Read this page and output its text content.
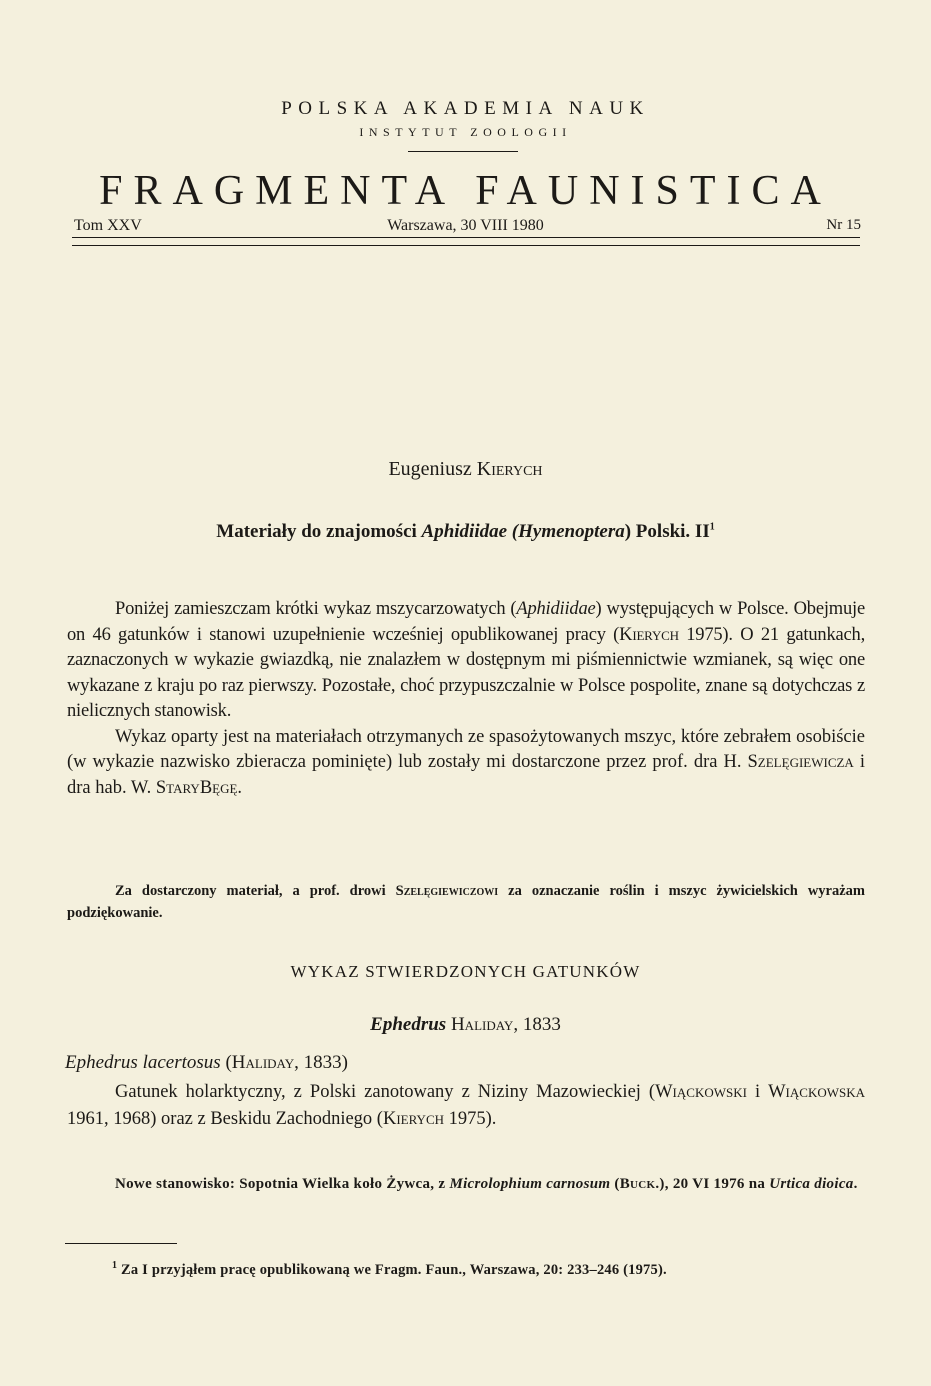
POLSKA AKADEMIA NAUK
INSTYTUT ZOOLOGII
FRAGMENTA FAUNISTICA
Tom XXV	Warszawa, 30 VIII 1980	Nr 15
Eugeniusz Kierych
Materiały do znajomości Aphidiidae (Hymenoptera) Polski. $II^1$

Poniżej zamieszczam krótki wykaz mszycarzowatych (Aphidiidae) występujących w Polsce. Obejmuje on 46 gatunków i stanowi uzupełnienie wcześniej opublikowanej pracy (Kierych 1975). O 21 gatunkach, zaznaczonych w wykazie gwiazdką, nie znalazłem w dostępnym mi piśmiennictwie wzmianek, są więc one wykazane z kraju po raz pierwszy. Pozostałe, choć przypuszczalnie w Polsce pospolite, znane są dotychczas z nielicznych stanowisk.

Wykaz oparty jest na materiałach otrzymanych ze spasożytowanych mszyc, które zebrałem osobiście (w wykazie nazwisko zbieracza pominięte) lub zostały mi dostarczone przez prof. dra H. Szelęgiewicza i dra hab. W. StaryBęgę.

Za dostarczony materiał, a prof. drowi Szelęgiewiczowi za oznaczanie roślin i mszyc żywicielskich wyrażam podziękowanie.
WYKAZ STWIERDZONYCH GATUNKÓW
Ephedrus Haliday, 1833
Ephedrus lacertosus (Haliday, 1833)
Gatunek holarktyczny, z Polski zanotowany z Niziny Mazowieckiej (Wiąckowski i Wiąckowska 1961, 1968) oraz z Beskidu Zachodniego (Kierych 1975).
Nowe stanowisko: Sopotnia Wielka koło Żywca, z Microlophium carnosum (Buck.), 20 VI 1976 na Urtica dioica.
$^1$ Za I przyjąłem pracę opublikowaną we Fragm. Faun., Warszawa, 20: 233–246 (1975).
